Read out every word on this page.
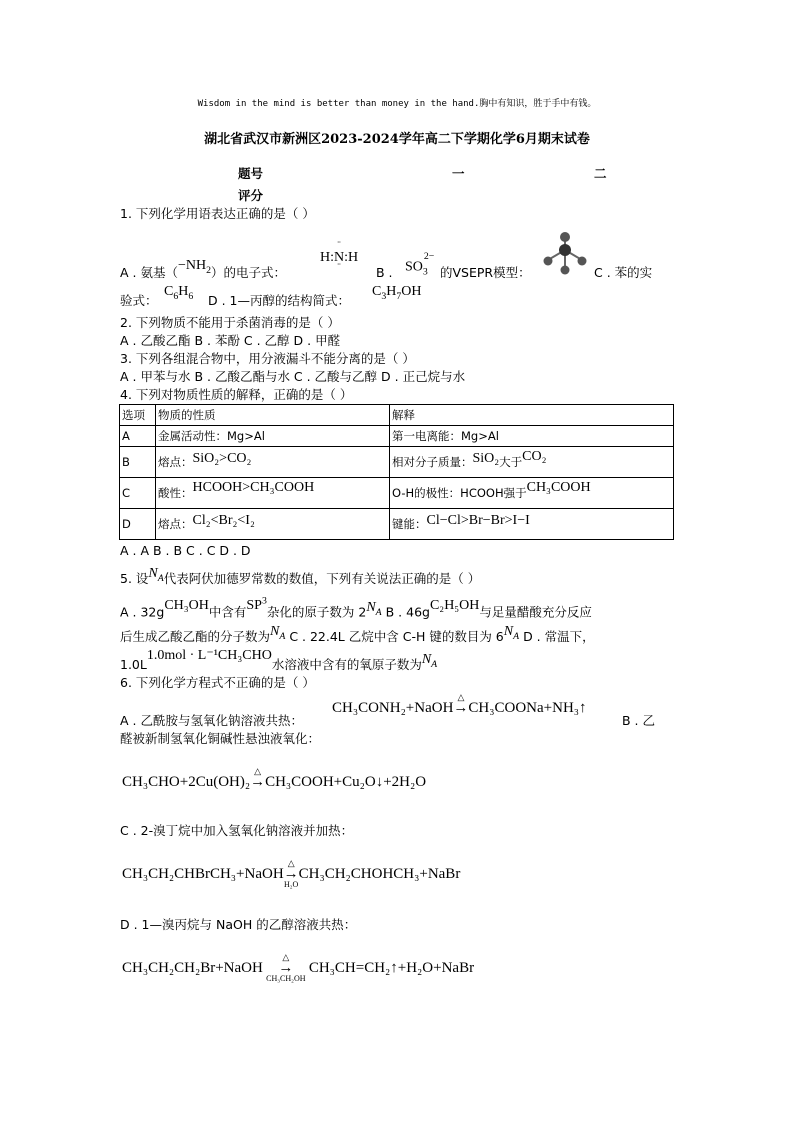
Wisdom in the mind is better than money in the hand.胸中有知识，胜于手中有钱。
湖北省武汉市新洲区2023-2024学年高二下学期化学6月期末试卷
题号	一	二
评分
1. 下列化学用语表达正确的是（ ）
A . 氨基$(-NH_2)$的电子式：
¨
H:N:H
¨	B . $SO_3^{2-}$
的VSEPR模型：	C . 苯的实
验式：
$C_6H_6$ D . 1—丙醇的结构简式：
$C_3H_7OH$
2. 下列物质不能用于杀菌消毒的是（ ）
A . 乙酸乙酯 B . 苯酚 C . 乙醇 D . 甲醛
3. 下列各组混合物中，用分液漏斗不能分离的是（ ）
A . 甲苯与水 B . 乙酸乙酯与水 C . 乙酸与乙醇 D . 正己烷与水
4. 下列对物质性质的解释，正确的是（ ）
选项	物质的性质	解释
A	金属活动性：Mg>Al	第一电离能：Mg>Al
B	熔点：SiO₂>CO₂	相对分子质量：SiO₂大于CO₂
C	酸性：HCOOH>CH₃COOH	O-H的极性：HCOOH强于CH₃COOH
D	熔点：Cl₂<Br₂<I₂	键能：Cl−Cl>Br−Br>I−I
A . A B . B C . C D . D
5. 设$N_A$代表阿伏加德罗常数的数值，下列有关说法正确的是（ ）
A . 32gCH₃OH中含有$SP^3$杂化的原子数为 $2N_A$ B . 46gC₂H₅OH与足量醋酸充分反应
后生成乙酸乙酯的分子数为$N_A$ C . 22.4L 乙烷中含 C-H 键的数目为 $6N_A$ D . 常温下，
1.0L1.0mol · L⁻¹CH₃CHO水溶液中含有的氧原子数为$N_A$
6. 下列化学方程式不正确的是（ ）
A . 乙酰胺与氢氧化钠溶液共热：
CH₃CONH₂+NaOH
△
→CH₃COONa+NH₃↑
B . 乙
醛被新制氢氧化铜碱性悬浊液氧化：
CH₃CHO+2Cu(OH)₂
△
→CH₃COOH+Cu₂O↓+2H₂O
C . 2-溴丁烷中加入氢氧化钠溶液并加热：
CH₃CH₂CHBrCH₃+NaOH
△
→
H₂O
CH₃CH₂CHOHCH₃+NaBr
D . 1—溴丙烷与 NaOH 的乙醇溶液共热：
CH₃CH₂CH₂Br+NaOH
△
→
CH₃CH₂OH
CH₃CH=CH₂↑+H₂O+NaBr
